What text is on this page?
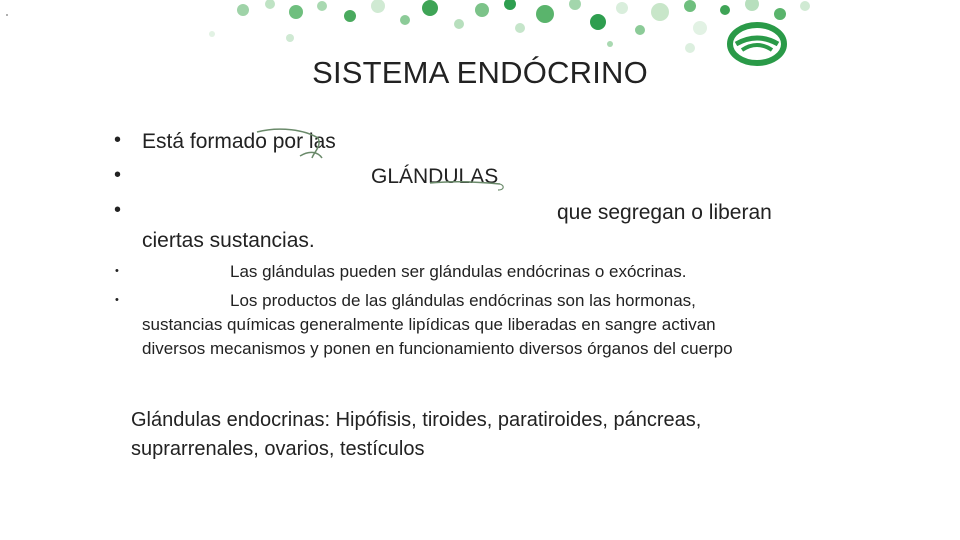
SISTEMA ENDÓCRINO
• Está formado por las
•	GLÁNDULAS
•	que segregan o liberan
ciertas sustancias.
•	Las glándulas pueden ser glándulas endócrinas o exócrinas.
•	Los productos de las glándulas endócrinas son las hormonas,
sustancias químicas generalmente lipídicas que liberadas en sangre activan
diversos mecanismos y ponen en funcionamiento diversos órganos del cuerpo
Glándulas endocrinas: Hipófisis, tiroides, paratiroides, páncreas,
suprarrenales, ovarios, testículos
